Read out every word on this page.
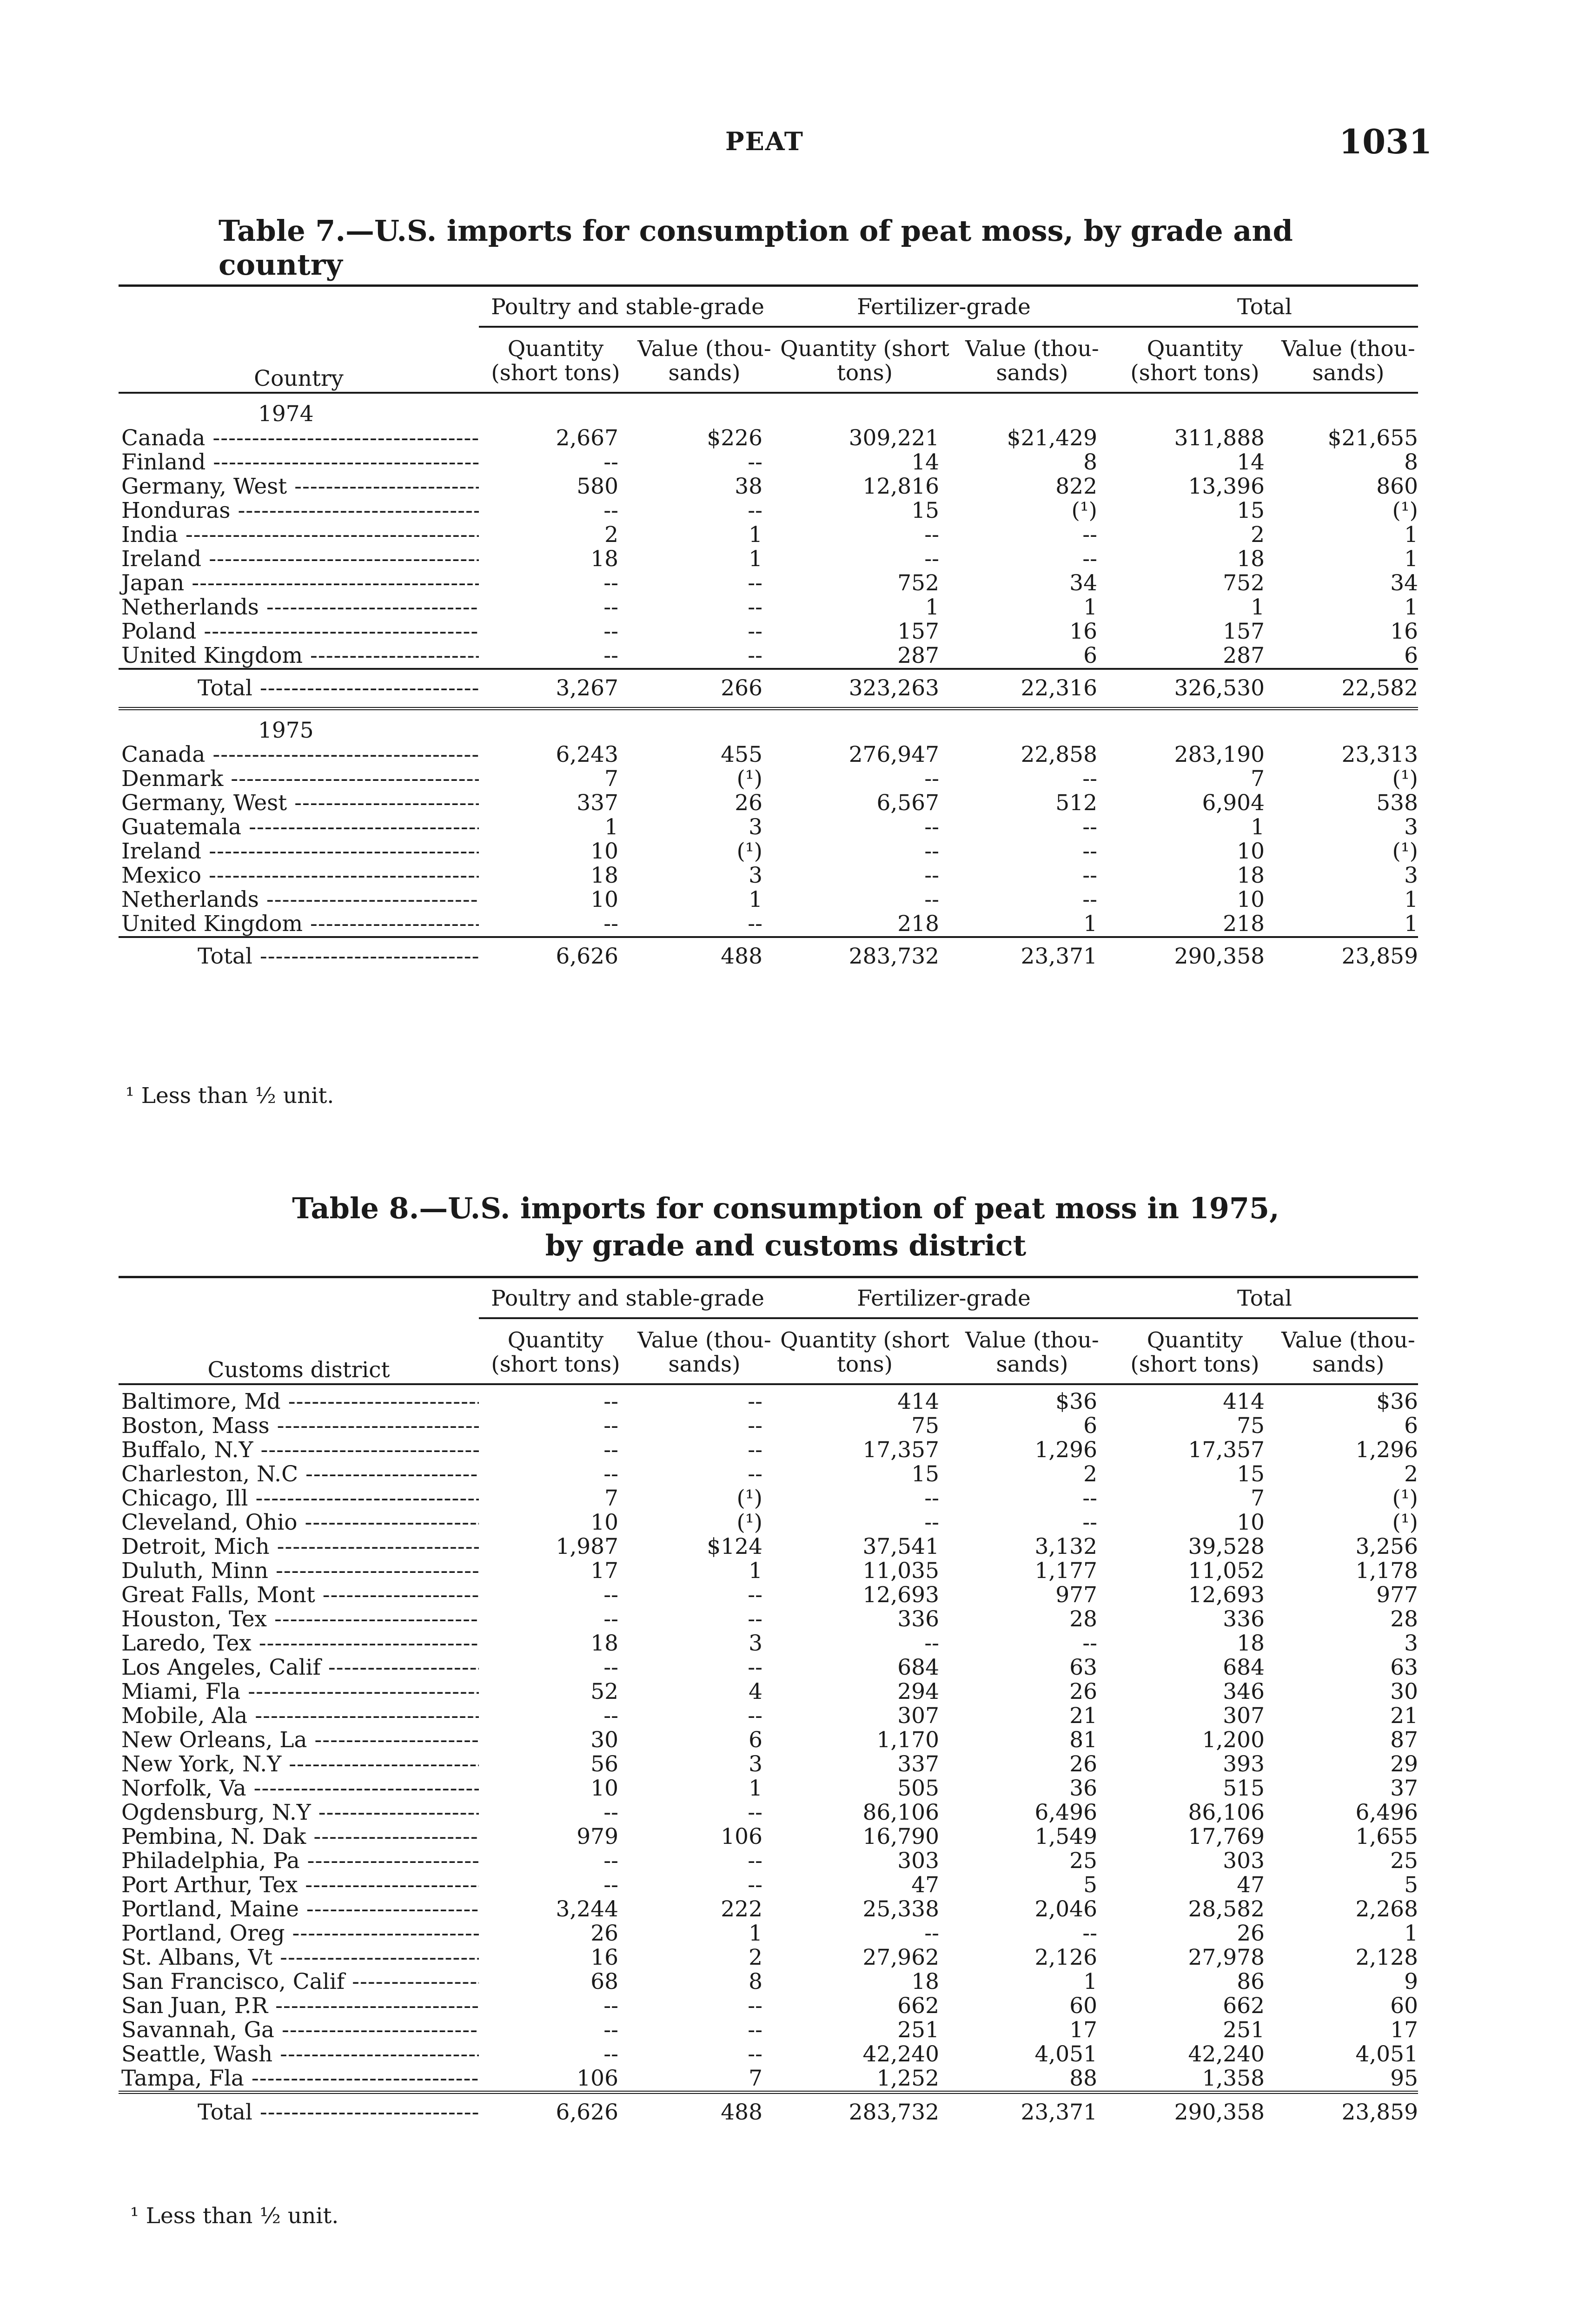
PEAT	1031
Table 7.—U.S. imports for consumption of peat moss, by grade and country
Country	Poultry and stable-grade		Fertilizer-grade		Total	
	Quantity (short tons)	Value (thou-sands)	Quantity (short tons)	Value (thou-sands)	Quantity (short tons)	Value (thou-sands)
1974						
Canada -----	2,667	$226	309,221	$21,429	311,888	$21,655
Finland -----	--	--	14	8	14	8
Germany, West -----	580	38	12,816	822	13,396	860
Honduras -----	--	--	15	(¹)	15	(¹)
India -----	2	1	--	--	2	1
Ireland -----	18	1	--	--	18	1
Japan -----	--	--	752	34	752	34
Netherlands -----	--	--	1	1	1	1
Poland -----	--	--	157	16	157	16
United Kingdom -----	--	--	287	6	287	6
Total -----	3,267	266	323,263	22,316	326,530	22,582
1975						
Canada -----	6,243	455	276,947	22,858	283,190	23,313
Denmark -----	7	(¹)	--	--	7	(¹)
Germany, West -----	337	26	6,567	512	6,904	538
Guatemala -----	1	3	--	--	1	3
Ireland -----	10	(¹)	--	--	10	(¹)
Mexico -----	18	3	--	--	18	3
Netherlands -----	10	1	--	--	10	1
United Kingdom -----	--	--	218	1	218	1
Total -----	6,626	488	283,732	23,371	290,358	23,859
¹ Less than ½ unit.
Table 8.—U.S. imports for consumption of peat moss in 1975,
by grade and customs district
Customs district	Poultry and stable-grade		Fertilizer-grade		Total	
	Quantity (short tons)	Value (thou-sands)	Quantity (short tons)	Value (thou-sands)	Quantity (short tons)	Value (thou-sands)
Baltimore, Md -----	--	--	414	$36	414	$36
Boston, Mass -----	--	--	75	6	75	6
Buffalo, N.Y -----	--	--	17,357	1,296	17,357	1,296
Charleston, N.C -----	--	--	15	2	15	2
Chicago, Ill -----	7	(¹)	--	--	7	(¹)
Cleveland, Ohio -----	10	(¹)	--	--	10	(¹)
Detroit, Mich -----	1,987	$124	37,541	3,132	39,528	3,256
Duluth, Minn -----	17	1	11,035	1,177	11,052	1,178
Great Falls, Mont -----	--	--	12,693	977	12,693	977
Houston, Tex -----	--	--	336	28	336	28
Laredo, Tex -----	18	3	--	--	18	3
Los Angeles, Calif -----	--	--	684	63	684	63
Miami, Fla -----	52	4	294	26	346	30
Mobile, Ala -----	--	--	307	21	307	21
New Orleans, La -----	30	6	1,170	81	1,200	87
New York, N.Y -----	56	3	337	26	393	29
Norfolk, Va -----	10	1	505	36	515	37
Ogdensburg, N.Y -----	--	--	86,106	6,496	86,106	6,496
Pembina, N. Dak -----	979	106	16,790	1,549	17,769	1,655
Philadelphia, Pa -----	--	--	303	25	303	25
Port Arthur, Tex -----	--	--	47	5	47	5
Portland, Maine -----	3,244	222	25,338	2,046	28,582	2,268
Portland, Oreg -----	26	1	--	--	26	1
St. Albans, Vt -----	16	2	27,962	2,126	27,978	2,128
San Francisco, Calif -----	68	8	18	1	86	9
San Juan, P.R -----	--	--	662	60	662	60
Savannah, Ga -----	--	--	251	17	251	17
Seattle, Wash -----	--	--	42,240	4,051	42,240	4,051
Tampa, Fla -----	106	7	1,252	88	1,358	95
Total -----	6,626	488	283,732	23,371	290,358	23,859
¹ Less than ½ unit.
